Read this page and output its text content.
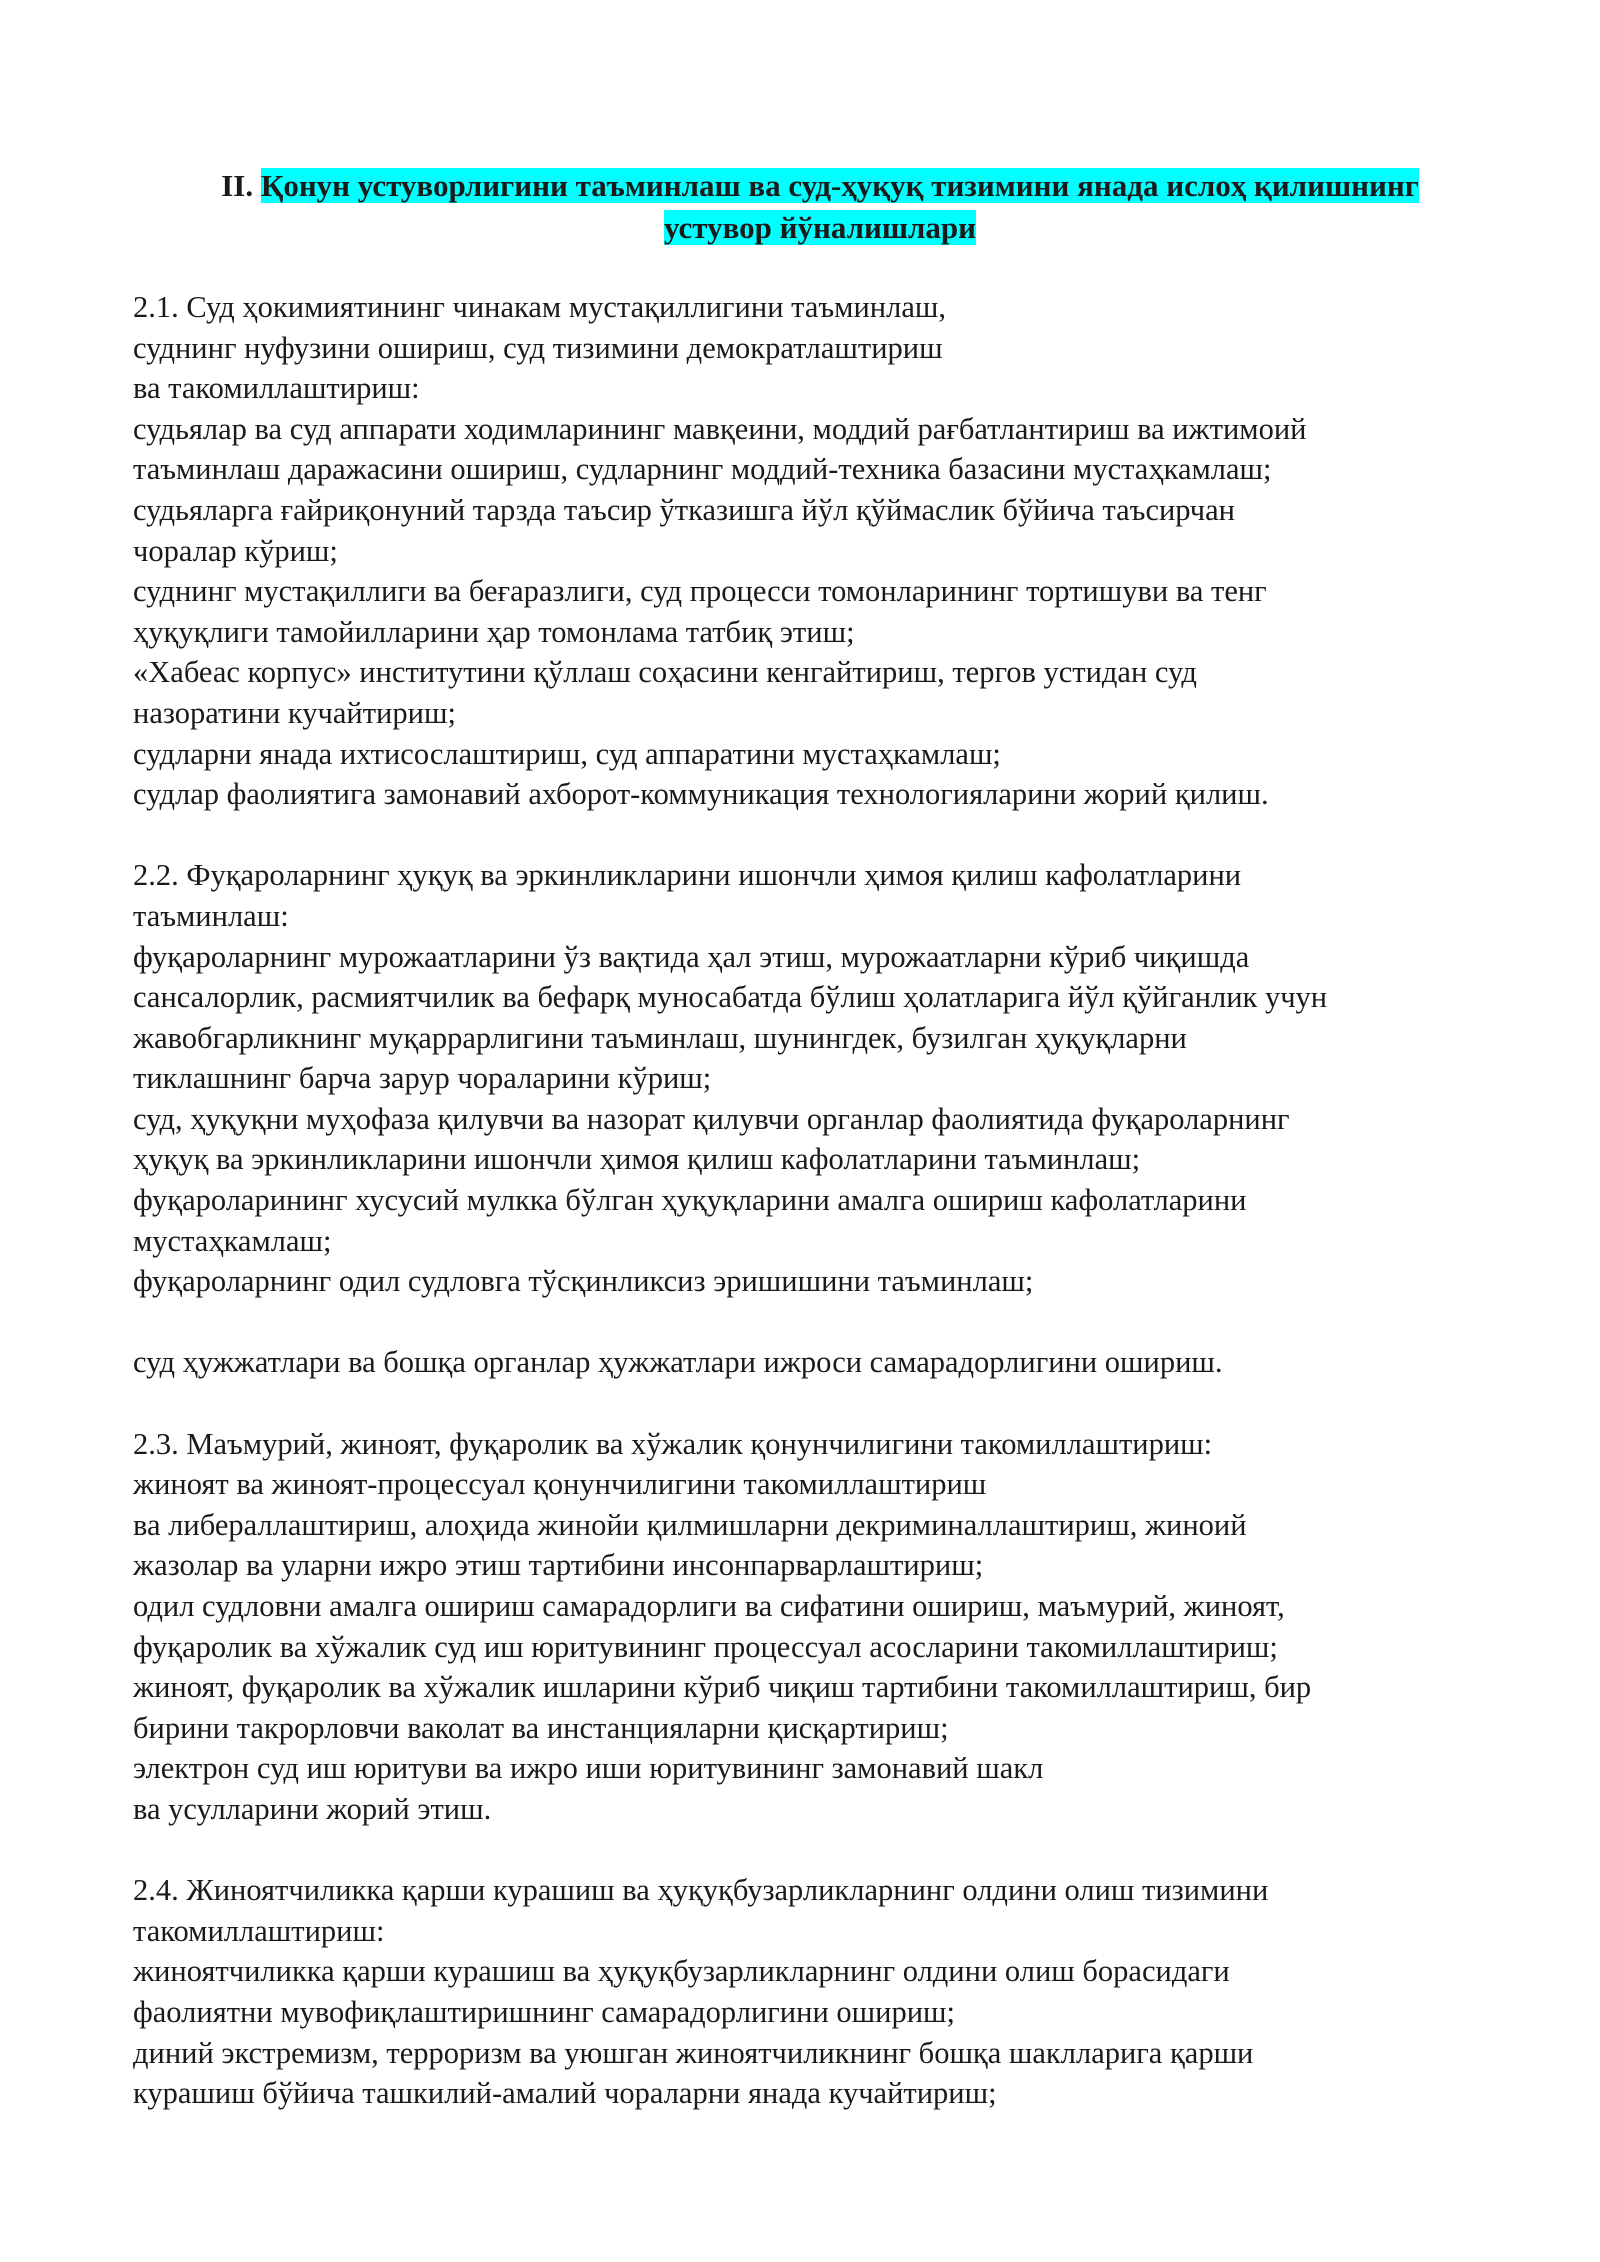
II. Қонун устуворлигини таъминлаш ва суд-ҳуқуқ тизимини янада ислоҳ қилишнинг
устувор йўналишлари
2.1. Суд ҳокимиятининг чинакам мустақиллигини таъминлаш,
суднинг нуфузини ошириш, суд тизимини демократлаштириш
ва такомиллаштириш:
судьялар ва суд аппарати ходимларининг мавқеини, моддий рағбатлантириш ва ижтимоий
таъминлаш даражасини ошириш, судларнинг моддий-техника базасини мустаҳкамлаш;
судьяларга ғайриқонуний тарзда таъсир ўтказишга йўл қўймаслик бўйича таъсирчан
чоралар кўриш;
суднинг мустақиллиги ва беғаразлиги, суд процесси томонларининг тортишуви ва тенг
ҳуқуқлиги тамойилларини ҳар томонлама татбиқ этиш;
«Хабеас корпус» институтини қўллаш соҳасини кенгайтириш, тергов устидан суд
назоратини кучайтириш;
судларни янада ихтисослаштириш, суд аппаратини мустаҳкамлаш;
судлар фаолиятига замонавий ахборот-коммуникация технологияларини жорий қилиш.
2.2. Фуқароларнинг ҳуқуқ ва эркинликларини ишончли ҳимоя қилиш кафолатларини
таъминлаш:
фуқароларнинг мурожаатларини ўз вақтида ҳал этиш, мурожаатларни кўриб чиқишда
сансалорлик, расмиятчилик ва бефарқ муносабатда бўлиш ҳолатларига йўл қўйганлик учун
жавобгарликнинг муқаррарлигини таъминлаш, шунингдек, бузилган ҳуқуқларни
тиклашнинг барча зарур чораларини кўриш;
суд, ҳуқуқни муҳофаза қилувчи ва назорат қилувчи органлар фаолиятида фуқароларнинг
ҳуқуқ ва эркинликларини ишончли ҳимоя қилиш кафолатларини таъминлаш;
фуқароларининг хусусий мулкка бўлган ҳуқуқларини амалга ошириш кафолатларини
мустаҳкамлаш;
фуқароларнинг одил судловга тўсқинликсиз эришишини таъминлаш;
суд ҳужжатлари ва бошқа органлар ҳужжатлари ижроси самарадорлигини ошириш.
2.3. Маъмурий, жиноят, фуқаролик ва хўжалик қонунчилигини такомиллаштириш:
жиноят ва жиноят-процессуал қонунчилигини такомиллаштириш
ва либераллаштириш, алоҳида жинойи қилмишларни декриминаллаштириш, жиноий
жазолар ва уларни ижро этиш тартибини инсонпарварлаштириш;
одил судловни амалга ошириш самарадорлиги ва сифатини ошириш, маъмурий, жиноят,
фуқаролик ва хўжалик суд иш юритувининг процессуал асосларини такомиллаштириш;
жиноят, фуқаролик ва хўжалик ишларини кўриб чиқиш тартибини такомиллаштириш, бир
бирини такрорловчи ваколат ва инстанцияларни қисқартириш;
электрон суд иш юритуви ва ижро иши юритувининг замонавий шакл
ва усулларини жорий этиш.
2.4. Жиноятчиликка қарши курашиш ва ҳуқуқбузарликларнинг олдини олиш тизимини
такомиллаштириш:
жиноятчиликка қарши курашиш ва ҳуқуқбузарликларнинг олдини олиш борасидаги
фаолиятни мувофиқлаштиришнинг самарадорлигини ошириш;
диний экстремизм, терроризм ва уюшган жиноятчиликнинг бошқа шаклларига қарши
курашиш бўйича ташкилий-амалий чораларни янада кучайтириш;
